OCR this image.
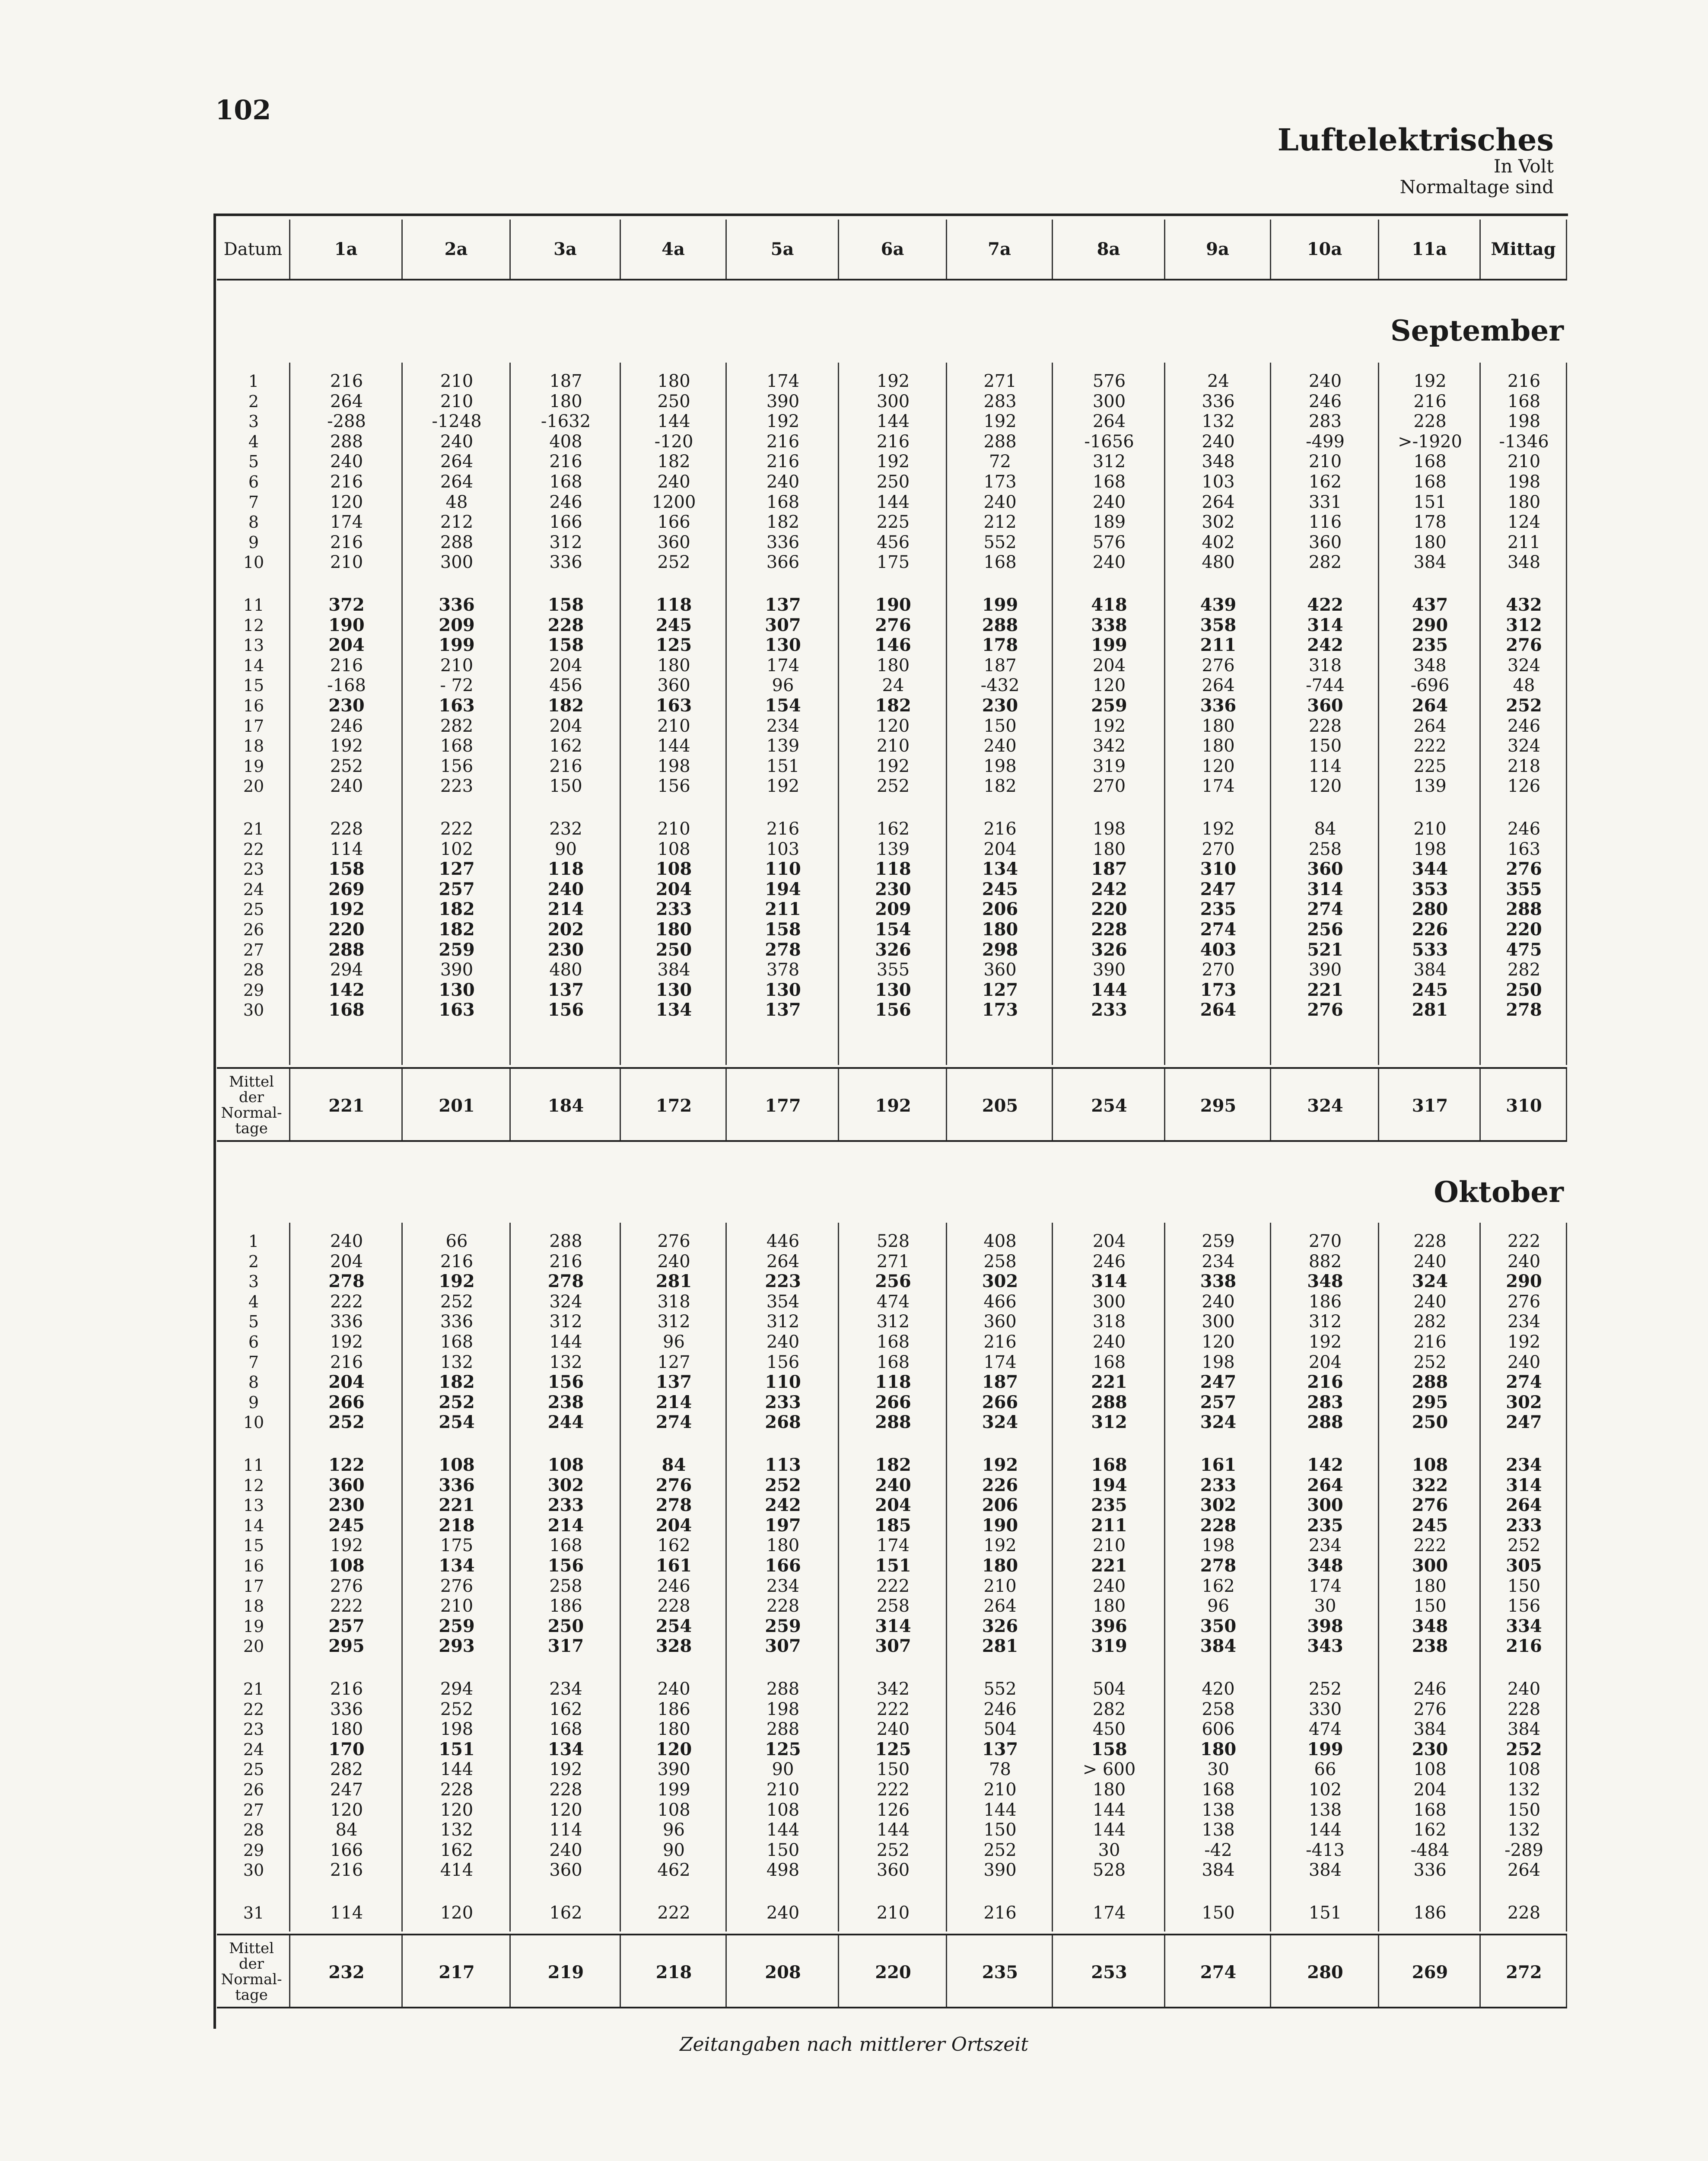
102
Luftelektrisches
In Volt
Normaltage sind
Datum	1a	2a	3a	4a	5a	6a	7a	8a	9a	10a	11a	Mittag
September
1	216	210	187	180	174	192	271	576	24	240	192	216
2	264	210	180	250	390	300	283	300	336	246	216	168
3	-288	-1248	-1632	144	192	144	192	264	132	283	228	198
4	288	240	408	-120	216	216	288	-1656	240	-499	>-1920	-1346
5	240	264	216	182	216	192	72	312	348	210	168	210
6	216	264	168	240	240	250	173	168	103	162	168	198
7	120	48	246	1200	168	144	240	240	264	331	151	180
8	174	212	166	166	182	225	212	189	302	116	178	124
9	216	288	312	360	336	456	552	576	402	360	180	211
10	210	300	336	252	366	175	168	240	480	282	384	348
11	372	336	158	118	137	190	199	418	439	422	437	432
12	190	209	228	245	307	276	288	338	358	314	290	312
13	204	199	158	125	130	146	178	199	211	242	235	276
14	216	210	204	180	174	180	187	204	276	318	348	324
15	-168	- 72	456	360	96	24	-432	120	264	-744	-696	48
16	230	163	182	163	154	182	230	259	336	360	264	252
17	246	282	204	210	234	120	150	192	180	228	264	246
18	192	168	162	144	139	210	240	342	180	150	222	324
19	252	156	216	198	151	192	198	319	120	114	225	218
20	240	223	150	156	192	252	182	270	174	120	139	126
21	228	222	232	210	216	162	216	198	192	84	210	246
22	114	102	90	108	103	139	204	180	270	258	198	163
23	158	127	118	108	110	118	134	187	310	360	344	276
24	269	257	240	204	194	230	245	242	247	314	353	355
25	192	182	214	233	211	209	206	220	235	274	280	288
26	220	182	202	180	158	154	180	228	274	256	226	220
27	288	259	230	250	278	326	298	326	403	521	533	475
28	294	390	480	384	378	355	360	390	270	390	384	282
29	142	130	137	130	130	130	127	144	173	221	245	250
30	168	163	156	134	137	156	173	233	264	276	281	278
Mittel der Normal-tage
221	201	184	172	177	192	205	254	295	324	317	310
Oktober
1	240	66	288	276	446	528	408	204	259	270	228	222
2	204	216	216	240	264	271	258	246	234	882	240	240
3	278	192	278	281	223	256	302	314	338	348	324	290
4	222	252	324	318	354	474	466	300	240	186	240	276
5	336	336	312	312	312	312	360	318	300	312	282	234
6	192	168	144	96	240	168	216	240	120	192	216	192
7	216	132	132	127	156	168	174	168	198	204	252	240
8	204	182	156	137	110	118	187	221	247	216	288	274
9	266	252	238	214	233	266	266	288	257	283	295	302
10	252	254	244	274	268	288	324	312	324	288	250	247
11	122	108	108	84	113	182	192	168	161	142	108	234
12	360	336	302	276	252	240	226	194	233	264	322	314
13	230	221	233	278	242	204	206	235	302	300	276	264
14	245	218	214	204	197	185	190	211	228	235	245	233
15	192	175	168	162	180	174	192	210	198	234	222	252
16	108	134	156	161	166	151	180	221	278	348	300	305
17	276	276	258	246	234	222	210	240	162	174	180	150
18	222	210	186	228	228	258	264	180	96	30	150	156
19	257	259	250	254	259	314	326	396	350	398	348	334
20	295	293	317	328	307	307	281	319	384	343	238	216
21	216	294	234	240	288	342	552	504	420	252	246	240
22	336	252	162	186	198	222	246	282	258	330	276	228
23	180	198	168	180	288	240	504	450	606	474	384	384
24	170	151	134	120	125	125	137	158	180	199	230	252
25	282	144	192	390	90	150	78	> 600	30	66	108	108
26	247	228	228	199	210	222	210	180	168	102	204	132
27	120	120	120	108	108	126	144	144	138	138	168	150
28	84	132	114	96	144	144	150	144	138	144	162	132
29	166	162	240	90	150	252	252	30	-42	-413	-484	-289
30	216	414	360	462	498	360	390	528	384	384	336	264
31	114	120	162	222	240	210	216	174	150	151	186	228
Mittel der Normal-tage
232	217	219	218	208	220	235	253	274	280	269	272
Zeitangaben nach mittlerer Ortszeit
